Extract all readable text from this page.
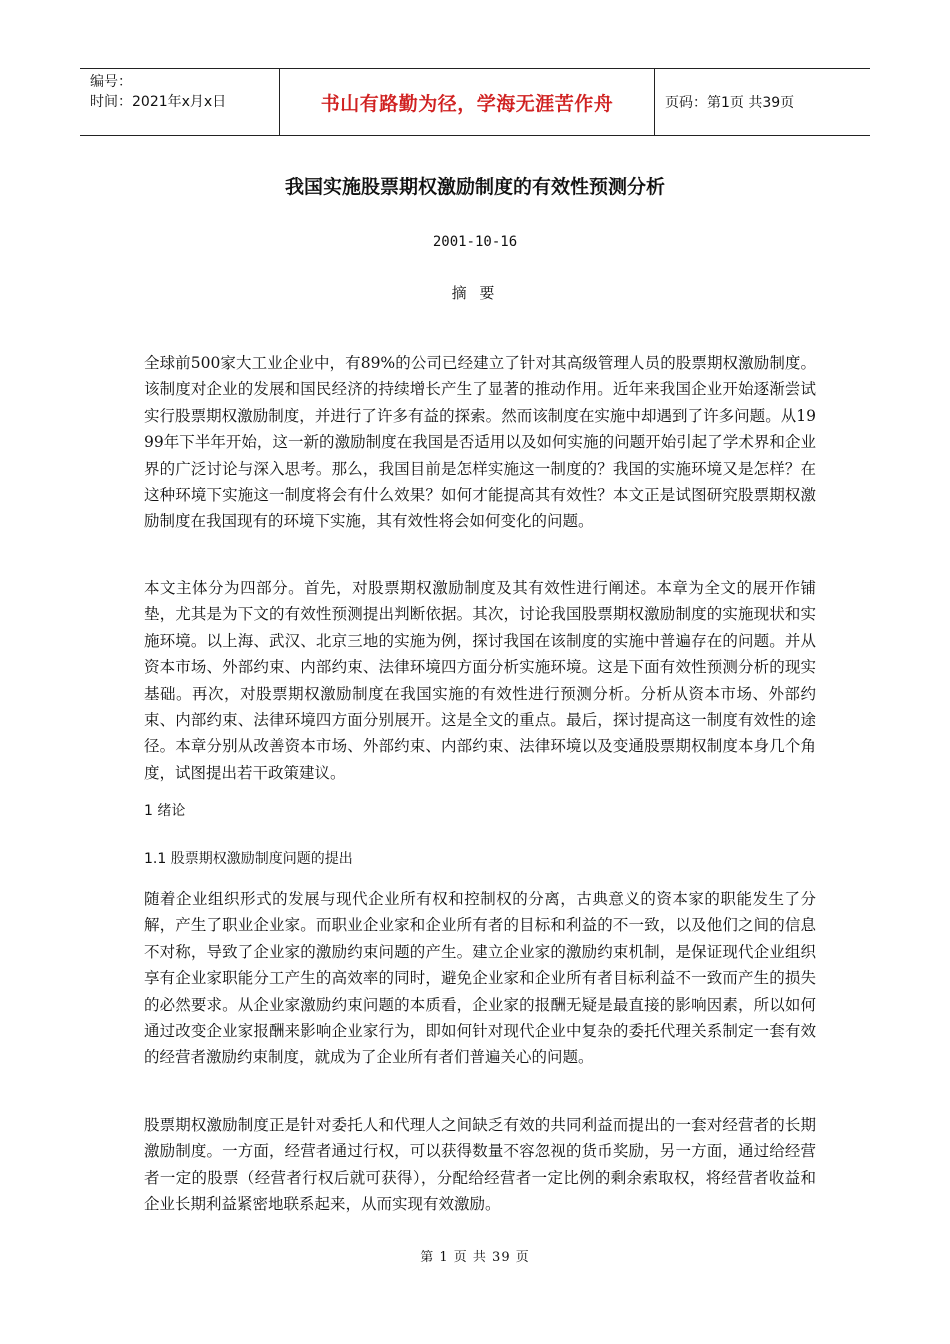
编号：
时间：2021年x月x日	书山有路勤为径，学海无涯苦作舟	页码：第1页 共39页
我国实施股票期权激励制度的有效性预测分析
2001-10-16
摘 要

全球前500家大工业企业中，有89%的公司已经建立了针对其高级管理人员的股票期权激励制度。该制度对企业的发展和国民经济的持续增长产生了显著的推动作用。近年来我国企业开始逐渐尝试实行股票期权激励制度，并进行了许多有益的探索。然而该制度在实施中却遇到了许多问题。从1999年下半年开始，这一新的激励制度在我国是否适用以及如何实施的问题开始引起了学术界和企业界的广泛讨论与深入思考。那么，我国目前是怎样实施这一制度的？我国的实施环境又是怎样？在这种环境下实施这一制度将会有什么效果？如何才能提高其有效性？本文正是试图研究股票期权激励制度在我国现有的环境下实施，其有效性将会如何变化的问题。

本文主体分为四部分。首先，对股票期权激励制度及其有效性进行阐述。本章为全文的展开作铺垫，尤其是为下文的有效性预测提出判断依据。其次，讨论我国股票期权激励制度的实施现状和实施环境。以上海、武汉、北京三地的实施为例，探讨我国在该制度的实施中普遍存在的问题。并从资本市场、外部约束、内部约束、法律环境四方面分析实施环境。这是下面有效性预测分析的现实基础。再次，对股票期权激励制度在我国实施的有效性进行预测分析。分析从资本市场、外部约束、内部约束、法律环境四方面分别展开。这是全文的重点。最后，探讨提高这一制度有效性的途径。本章分别从改善资本市场、外部约束、内部约束、法律环境以及变通股票期权制度本身几个角度，试图提出若干政策建议。

1 绪论
1.1 股票期权激励制度问题的提出

随着企业组织形式的发展与现代企业所有权和控制权的分离，古典意义的资本家的职能发生了分解，产生了职业企业家。而职业企业家和企业所有者的目标和利益的不一致，以及他们之间的信息不对称，导致了企业家的激励约束问题的产生。建立企业家的激励约束机制，是保证现代企业组织享有企业家职能分工产生的高效率的同时，避免企业家和企业所有者目标利益不一致而产生的损失的必然要求。从企业家激励约束问题的本质看，企业家的报酬无疑是最直接的影响因素，所以如何通过改变企业家报酬来影响企业家行为，即如何针对现代企业中复杂的委托代理关系制定一套有效的经营者激励约束制度，就成为了企业所有者们普遍关心的问题。

股票期权激励制度正是针对委托人和代理人之间缺乏有效的共同利益而提出的一套对经营者的长期激励制度。一方面，经营者通过行权，可以获得数量不容忽视的货币奖励，另一方面，通过给经营者一定的股票（经营者行权后就可获得），分配给经营者一定比例的剩余索取权，将经营者收益和企业长期利益紧密地联系起来，从而实现有效激励。

第 1 页 共 39 页
